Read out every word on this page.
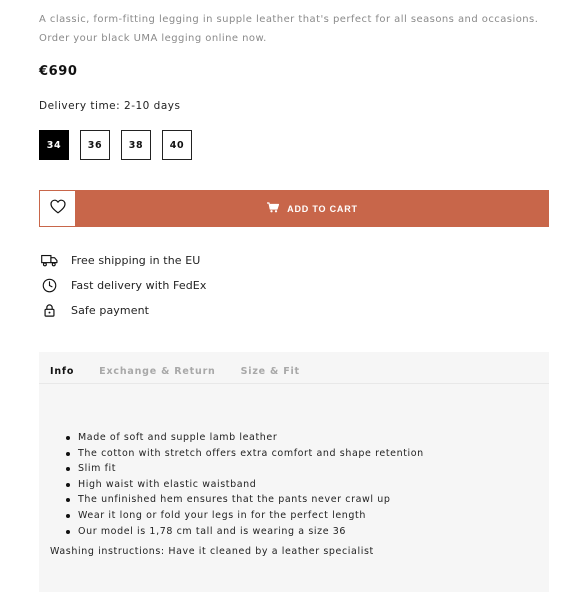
A classic, form-fitting legging in supple leather that's perfect for all seasons and occasions. Order your black UMA legging online now.
€690
Delivery time: 2-10 days
34	36	38	40
ADD TO CART
Free shipping in the EU
Fast delivery with FedEx
Safe payment
Info	Exchange & Return	Size & Fit
Made of soft and supple lamb leather
The cotton with stretch offers extra comfort and shape retention
Slim fit
High waist with elastic waistband
The unfinished hem ensures that the pants never crawl up
Wear it long or fold your legs in for the perfect length
Our model is 1,78 cm tall and is wearing a size 36
Washing instructions: Have it cleaned by a leather specialist
